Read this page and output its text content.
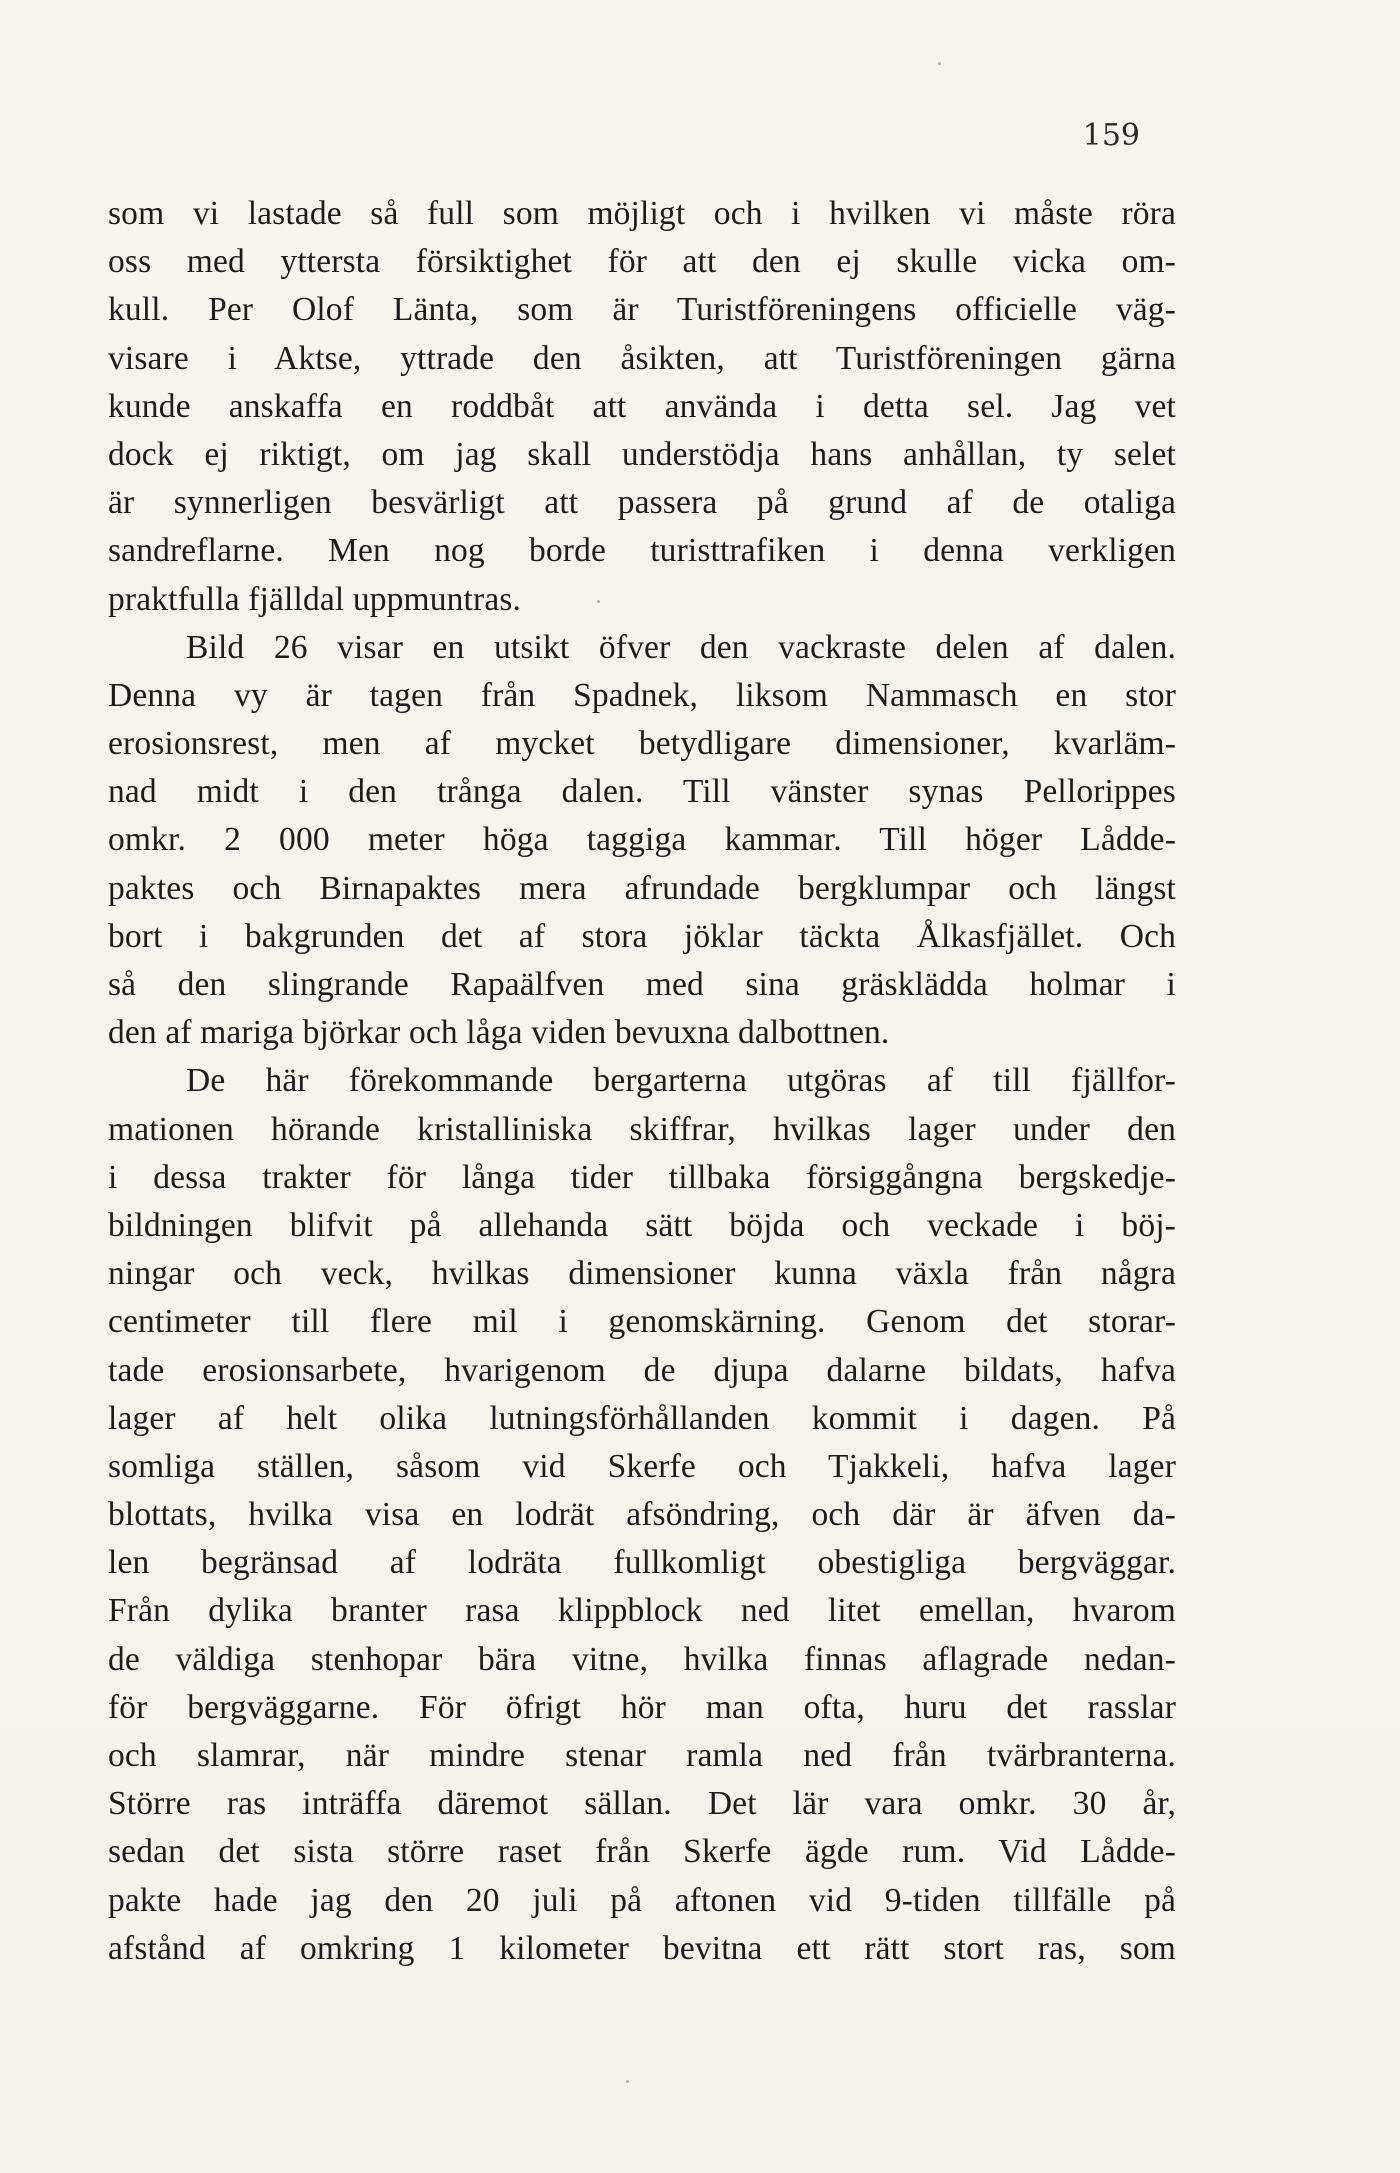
159
som vi lastade så full som möjligt och i hvilken vi måste röra
oss med yttersta försiktighet för att den ej skulle vicka om-
kull. Per Olof Länta, som är Turistföreningens officielle väg-
visare i Aktse, yttrade den åsikten, att Turistföreningen gärna
kunde anskaffa en roddbåt att använda i detta sel. Jag vet
dock ej riktigt, om jag skall understödja hans anhållan, ty selet
är synnerligen besvärligt att passera på grund af de otaliga
sandreflarne. Men nog borde turisttrafiken i denna verkligen
praktfulla fjälldal uppmuntras.
Bild 26 visar en utsikt öfver den vackraste delen af dalen.
Denna vy är tagen från Spadnek, liksom Nammasch en stor
erosionsrest, men af mycket betydligare dimensioner, kvarläm-
nad midt i den trånga dalen. Till vänster synas Pellorippes
omkr. 2 000 meter höga taggiga kammar. Till höger Lådde-
paktes och Birnapaktes mera afrundade bergklumpar och längst
bort i bakgrunden det af stora jöklar täckta Ålkasfjället. Och
så den slingrande Rapaälfven med sina gräsklädda holmar i
den af mariga björkar och låga viden bevuxna dalbottnen.
De här förekommande bergarterna utgöras af till fjällfor-
mationen hörande kristalliniska skiffrar, hvilkas lager under den
i dessa trakter för långa tider tillbaka försiggångna bergskedje-
bildningen blifvit på allehanda sätt böjda och veckade i böj-
ningar och veck, hvilkas dimensioner kunna växla från några
centimeter till flere mil i genomskärning. Genom det storar-
tade erosionsarbete, hvarigenom de djupa dalarne bildats, hafva
lager af helt olika lutningsförhållanden kommit i dagen. På
somliga ställen, såsom vid Skerfe och Tjakkeli, hafva lager
blottats, hvilka visa en lodrät afsöndring, och där är äfven da-
len begränsad af lodräta fullkomligt obestigliga bergväggar.
Från dylika branter rasa klippblock ned litet emellan, hvarom
de väldiga stenhopar bära vitne, hvilka finnas aflagrade nedan-
för bergväggarne. För öfrigt hör man ofta, huru det rasslar
och slamrar, när mindre stenar ramla ned från tvärbranterna.
Större ras inträffa däremot sällan. Det lär vara omkr. 30 år,
sedan det sista större raset från Skerfe ägde rum. Vid Lådde-
pakte hade jag den 20 juli på aftonen vid 9-tiden tillfälle på
afstånd af omkring 1 kilometer bevitna ett rätt stort ras, som
